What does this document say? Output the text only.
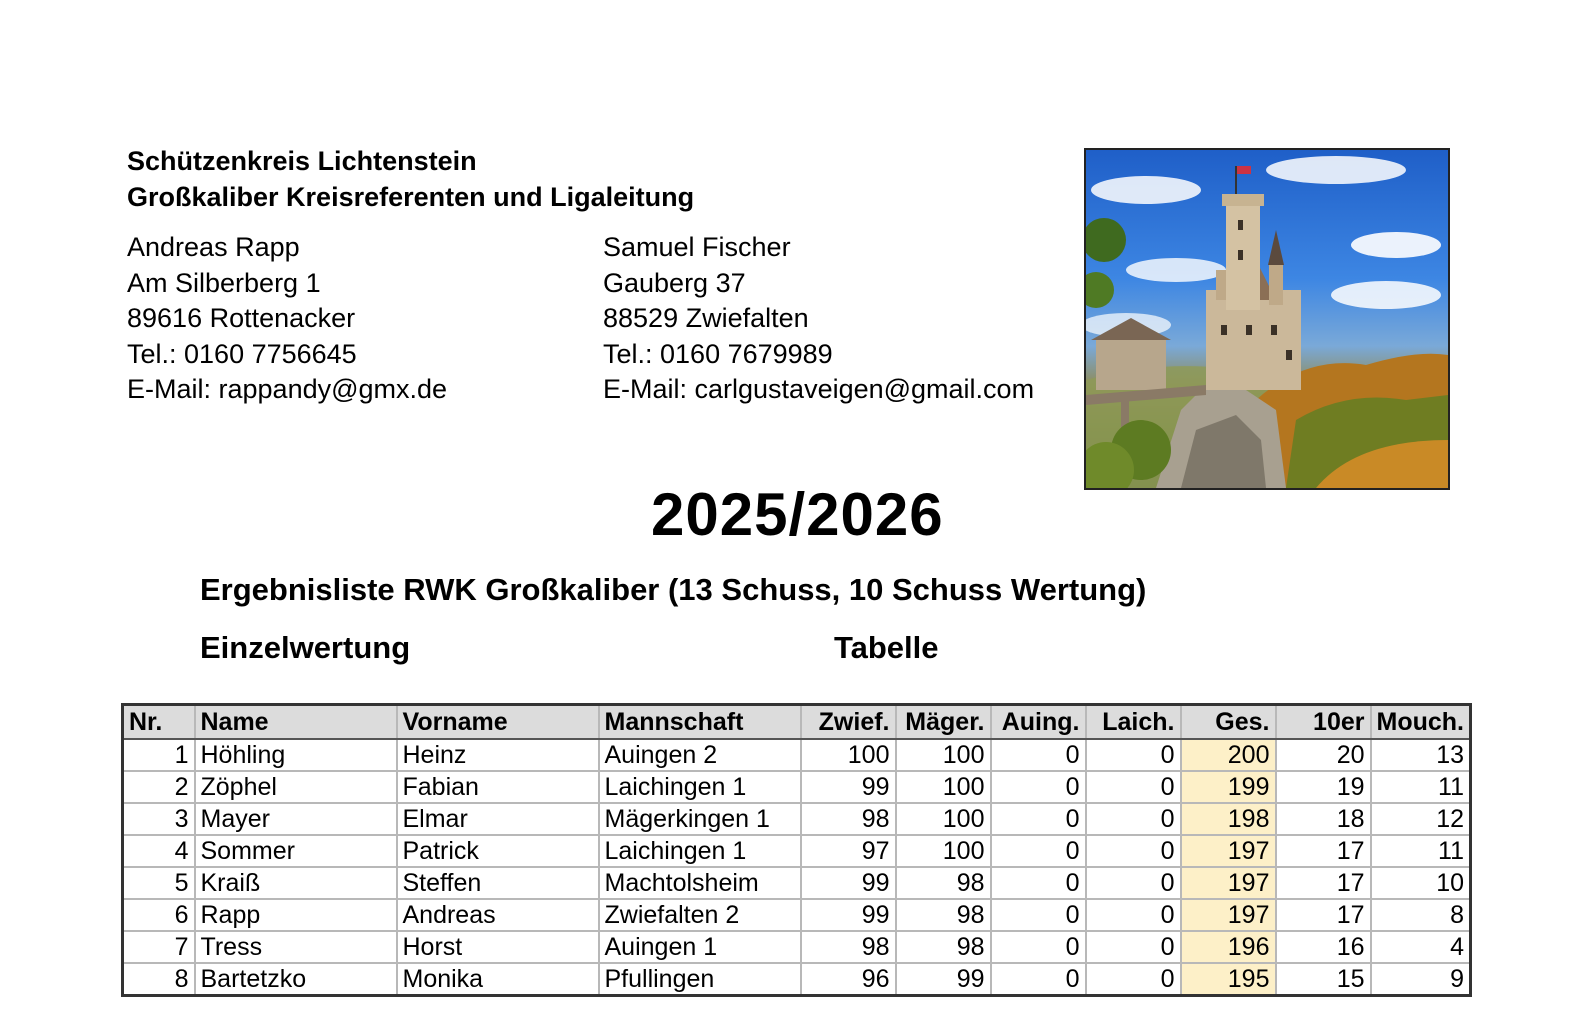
Schützenkreis Lichtenstein
Großkaliber Kreisreferenten und Ligaleitung
Andreas Rapp
Am Silberberg 1
89616 Rottenacker
Tel.: 0160 7756645
E-Mail: rappandy@gmx.de
Samuel Fischer
Gauberg 37
88529 Zwiefalten
Tel.: 0160 7679989
E-Mail: carlgustaveigen@gmail.com
2025/2026
Ergebnisliste RWK Großkaliber (13 Schuss, 10 Schuss Wertung)
Einzelwertung	Tabelle
Nr.	Name	Vorname	Mannschaft	Zwief.	Mäger.	Auing.	Laich.	Ges.	10er	Mouch.
1	Höhling	Heinz	Auingen 2	100	100	0	0	200	20	13
2	Zöphel	Fabian	Laichingen 1	99	100	0	0	199	19	11
3	Mayer	Elmar	Mägerkingen 1	98	100	0	0	198	18	12
4	Sommer	Patrick	Laichingen 1	97	100	0	0	197	17	11
5	Kraiß	Steffen	Machtolsheim	99	98	0	0	197	17	10
6	Rapp	Andreas	Zwiefalten 2	99	98	0	0	197	17	8
7	Tress	Horst	Auingen 1	98	98	0	0	196	16	4
8	Bartetzko	Monika	Pfullingen	96	99	0	0	195	15	9
